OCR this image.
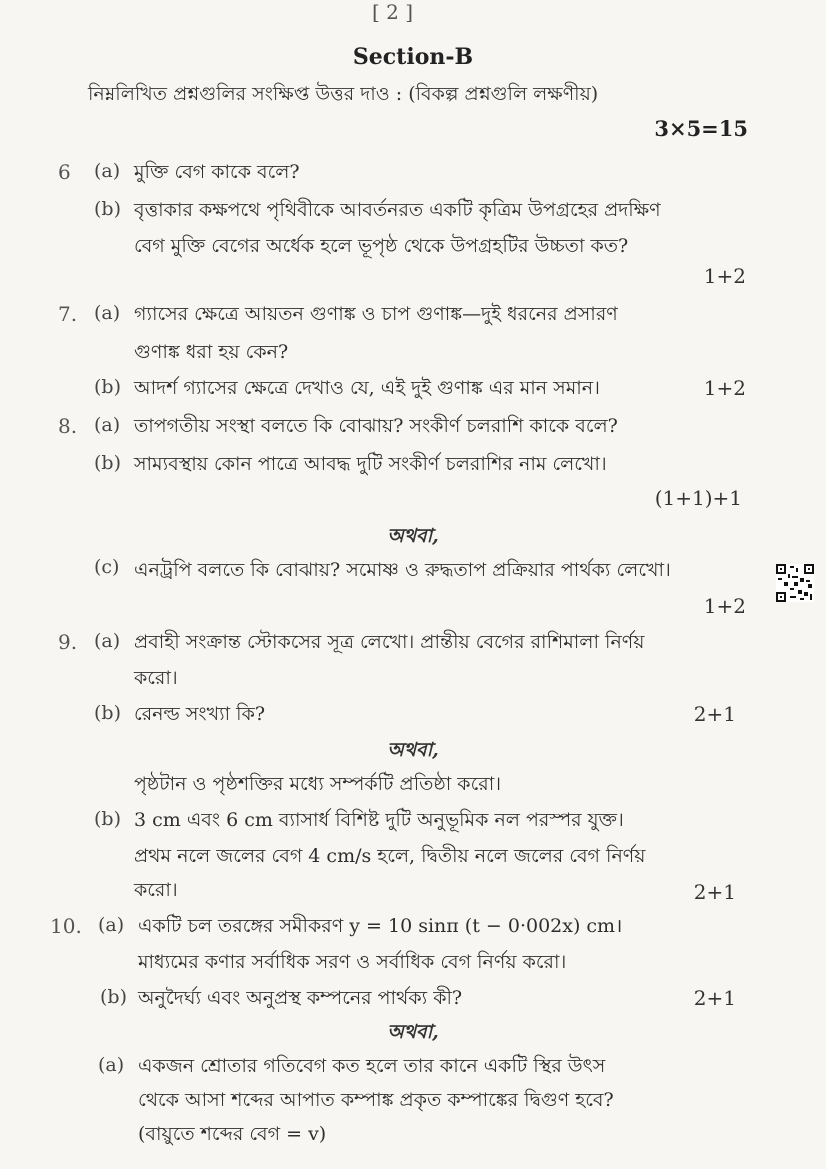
[ 2 ]
Section-B
নিম্নলিখিত প্রশ্নগুলির সংক্ষিপ্ত উত্তর দাও : (বিকল্প প্রশ্নগুলি লক্ষণীয়)
3×5=15
6 (a) মুক্তি বেগ কাকে বলে?
(b) বৃত্তাকার কক্ষপথে পৃথিবীকে আবর্তনরত একটি কৃত্রিম উপগ্রহের প্রদক্ষিণ
বেগ মুক্তি বেগের অর্ধেক হলে ভূপৃষ্ঠ থেকে উপগ্রহটির উচ্চতা কত?
1+2
7. (a) গ্যাসের ক্ষেত্রে আয়তন গুণাঙ্ক ও চাপ গুণাঙ্ক—দুই ধরনের প্রসারণ
গুণাঙ্ক ধরা হয় কেন?
(b) আদর্শ গ্যাসের ক্ষেত্রে দেখাও যে, এই দুই গুণাঙ্ক এর মান সমান।	1+2
8. (a) তাপগতীয় সংস্থা বলতে কি বোঝায়? সংকীর্ণ চলরাশি কাকে বলে?
(b) সাম্যবস্থায় কোন পাত্রে আবদ্ধ দুটি সংকীর্ণ চলরাশির নাম লেখো।
(1+1)+1
অথবা,
(c) এনট্রপি বলতে কি বোঝায়? সমোষ্ণ ও রুদ্ধতাপ প্রক্রিয়ার পার্থক্য লেখো।
1+2
9. (a) প্রবাহী সংক্রান্ত স্টোকসের সূত্র লেখো। প্রান্তীয় বেগের রাশিমালা নির্ণয়
করো।
(b) রেনল্ড সংখ্যা কি?	2+1
অথবা,
পৃষ্ঠটান ও পৃষ্ঠশক্তির মধ্যে সম্পর্কটি প্রতিষ্ঠা করো।
(b) 3 cm এবং 6 cm ব্যাসার্ধ বিশিষ্ট দুটি অনুভূমিক নল পরস্পর যুক্ত।
প্রথম নলে জলের বেগ 4 cm/s হলে, দ্বিতীয় নলে জলের বেগ নির্ণয়
করো।	2+1
10. (a) একটি চল তরঙ্গের সমীকরণ y = 10 sinπ (t − 0·002x) cm।
মাধ্যমের কণার সর্বাধিক সরণ ও সর্বাধিক বেগ নির্ণয় করো।
(b) অনুদৈর্ঘ্য এবং অনুপ্রস্থ কম্পনের পার্থক্য কী?	2+1
অথবা,
(a) একজন শ্রোতার গতিবেগ কত হলে তার কানে একটি স্থির উৎস
থেকে আসা শব্দের আপাত কম্পাঙ্ক প্রকৃত কম্পাঙ্কের দ্বিগুণ হবে?
(বায়ুতে শব্দের বেগ = v)
